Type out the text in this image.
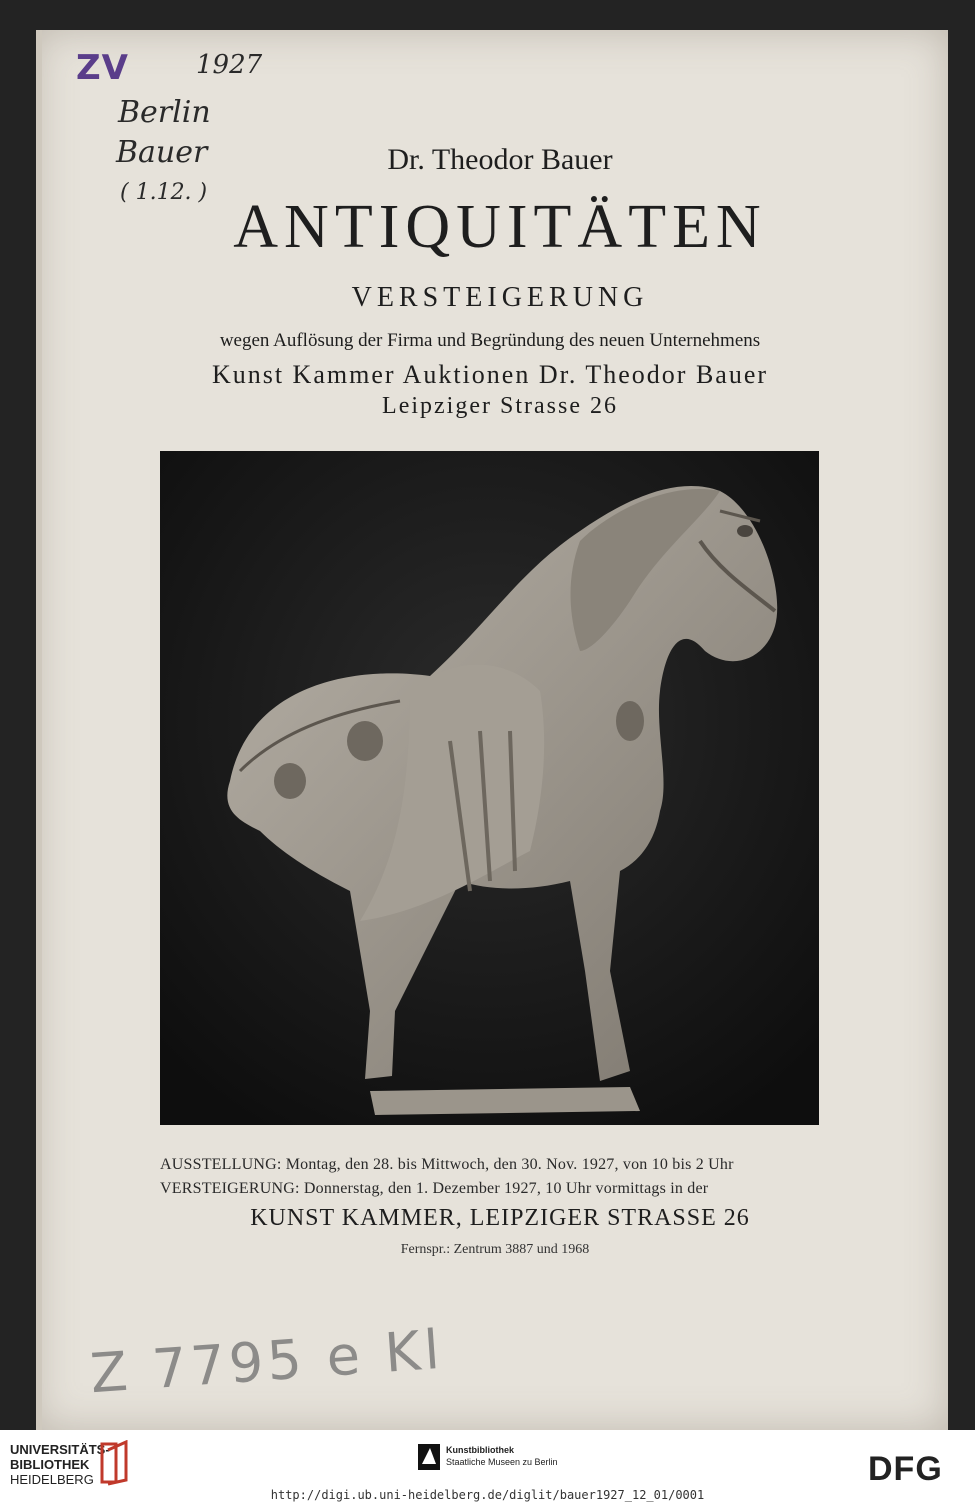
ZV	1927
Berlin
Bauer
( 1.12. )
Dr. Theodor Bauer
ANTIQUITÄTEN
VERSTEIGERUNG
wegen Auflösung der Firma und Begründung des neuen Unternehmens
Kunst Kammer Auktionen Dr. Theodor Bauer
Leipziger Strasse 26
AUSSTELLUNG: Montag, den 28. bis Mittwoch, den 30. Nov. 1927, von 10 bis 2 Uhr
VERSTEIGERUNG: Donnerstag, den 1. Dezember 1927, 10 Uhr vormittags in der
KUNST KAMMER, LEIPZIGER STRASSE 26
Fernspr.: Zentrum 3887 und 1968
Z 7795 e Kl
UNIVERSITÄTS-
BIBLIOTHEK
HEIDELBERG
Kunstbibliothek
Staatliche Museen zu Berlin	DFG
http://digi.ub.uni-heidelberg.de/diglit/bauer1927_12_01/0001
